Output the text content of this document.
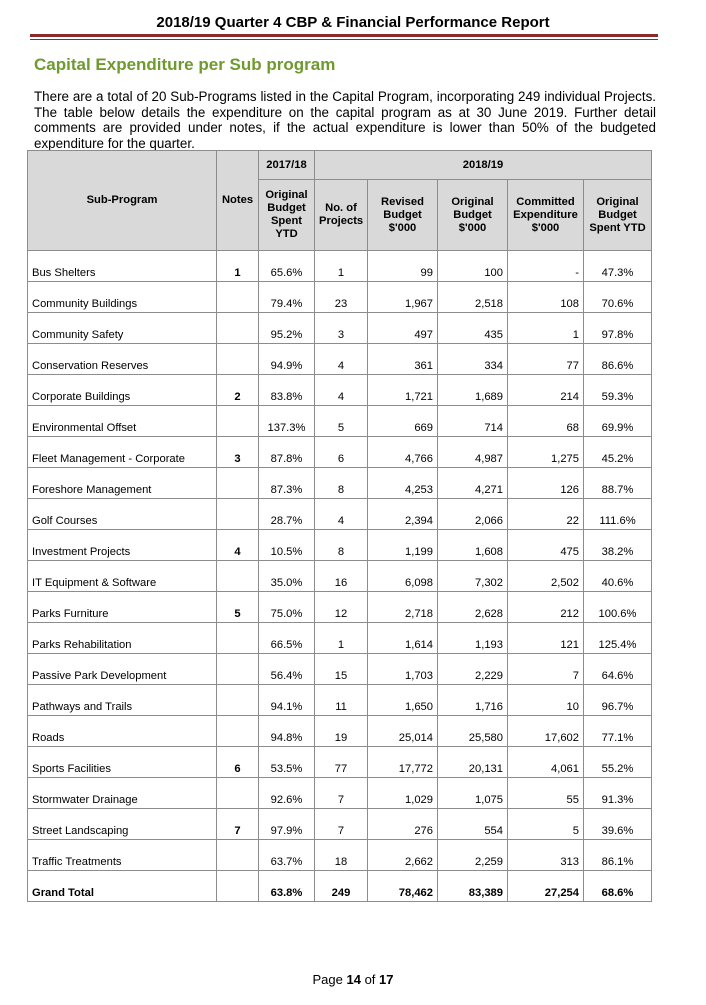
2018/19 Quarter 4 CBP & Financial Performance Report
Capital Expenditure per Sub program
There are a total of 20 Sub-Programs listed in the Capital Program, incorporating 249 individual Projects. The table below details the expenditure on the capital program as at 30 June 2019. Further detail comments are provided under notes, if the actual expenditure is lower than 50% of the budgeted expenditure for the quarter.
Sub-Program	Notes	2017/18	2018/19				
		Original Budget Spent YTD	No. of Projects	Revised Budget $'000	Original Budget $'000	Committed Expenditure $'000	Original Budget Spent YTD
Bus Shelters	1	65.6%	1	99	100	-	47.3%
Community Buildings		79.4%	23	1,967	2,518	108	70.6%
Community Safety		95.2%	3	497	435	1	97.8%
Conservation Reserves		94.9%	4	361	334	77	86.6%
Corporate Buildings	2	83.8%	4	1,721	1,689	214	59.3%
Environmental Offset		137.3%	5	669	714	68	69.9%
Fleet Management - Corporate	3	87.8%	6	4,766	4,987	1,275	45.2%
Foreshore Management		87.3%	8	4,253	4,271	126	88.7%
Golf Courses		28.7%	4	2,394	2,066	22	111.6%
Investment Projects	4	10.5%	8	1,199	1,608	475	38.2%
IT Equipment & Software		35.0%	16	6,098	7,302	2,502	40.6%
Parks Furniture	5	75.0%	12	2,718	2,628	212	100.6%
Parks Rehabilitation		66.5%	1	1,614	1,193	121	125.4%
Passive Park Development		56.4%	15	1,703	2,229	7	64.6%
Pathways and Trails		94.1%	11	1,650	1,716	10	96.7%
Roads		94.8%	19	25,014	25,580	17,602	77.1%
Sports Facilities	6	53.5%	77	17,772	20,131	4,061	55.2%
Stormwater Drainage		92.6%	7	1,029	1,075	55	91.3%
Street Landscaping	7	97.9%	7	276	554	5	39.6%
Traffic Treatments		63.7%	18	2,662	2,259	313	86.1%
Grand Total		63.8%	249	78,462	83,389	27,254	68.6%
Page 14 of 17
